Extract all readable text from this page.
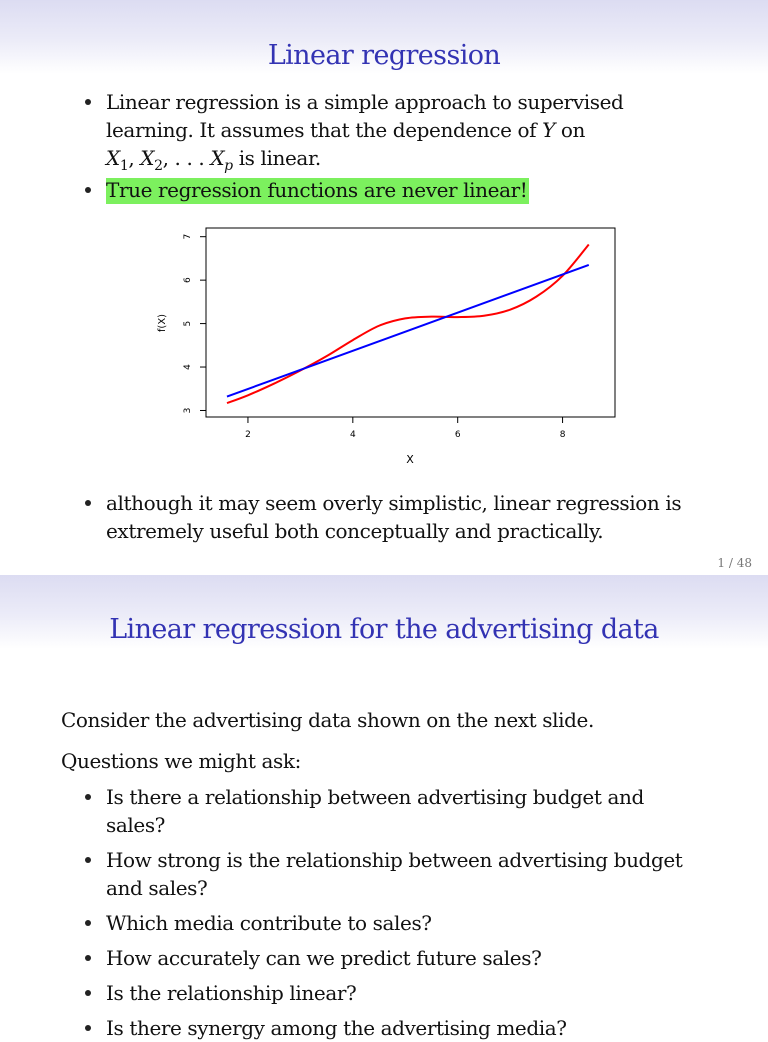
Linear regression
Linear regression is a simple approach to supervised
learning. It assumes that the dependence of Y on
$X_1$, $X_2$, . . . $X_p$ is linear.
True regression functions are never linear!
2	4	6	8
3
4
5
6
7
X
f(X)
although it may seem overly simplistic, linear regression is
extremely useful both conceptually and practically.
1 / 48
Linear regression for the advertising data
Consider the advertising data shown on the next slide.
Questions we might ask:
Is there a relationship between advertising budget and
sales?
How strong is the relationship between advertising budget
and sales?
Which media contribute to sales?
How accurately can we predict future sales?
Is the relationship linear?
Is there synergy among the advertising media?
